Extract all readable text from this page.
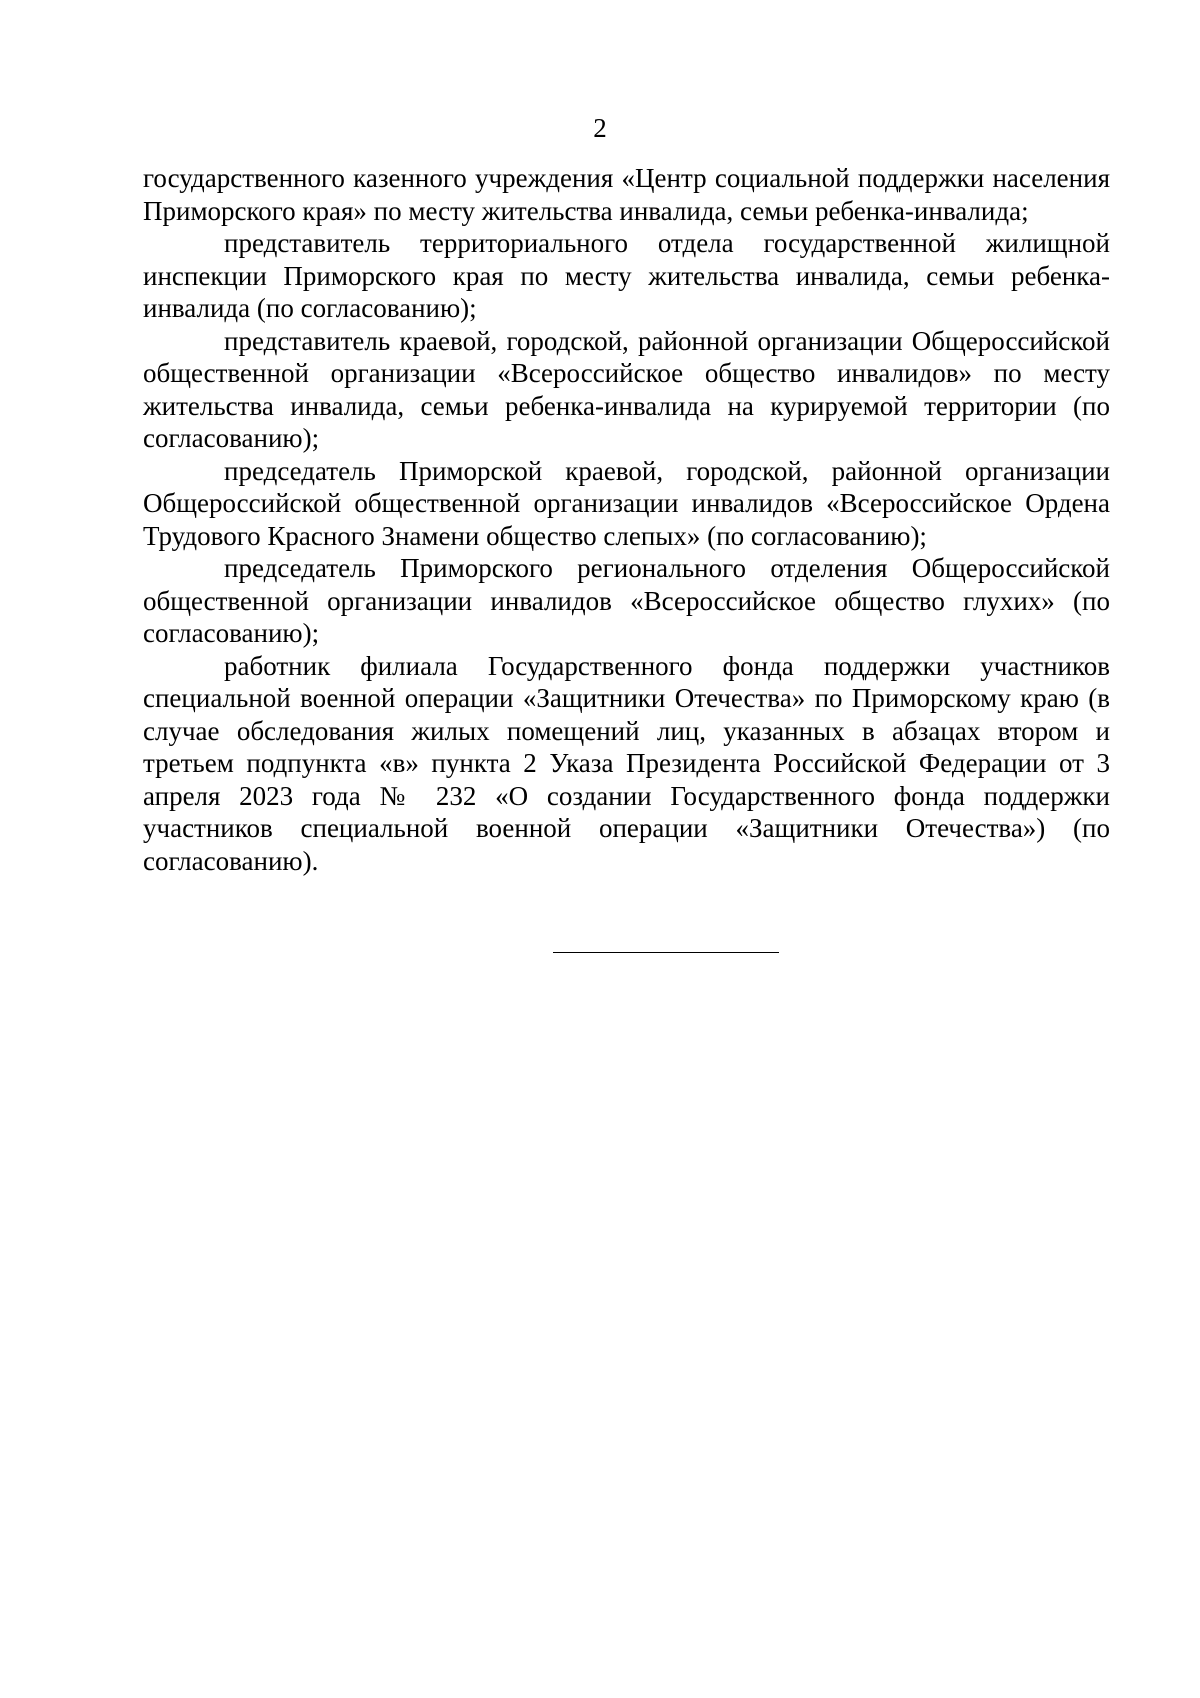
2

государственного казенного учреждения «Центр социальной поддержки населения Приморского края» по месту жительства инвалида, семьи ребенка-инвалида;

представитель территориального отдела государственной жилищной инспекции Приморского края по месту жительства инвалида, семьи ребенка-инвалида (по согласованию);

представитель краевой, городской, районной организации Общероссийской общественной организации «Всероссийское общество инвалидов» по месту жительства инвалида, семьи ребенка-инвалида на курируемой территории (по согласованию);

председатель Приморской краевой, городской, районной организации Общероссийской общественной организации инвалидов «Всероссийское Ордена Трудового Красного Знамени общество слепых» (по согласованию);

председатель Приморского регионального отделения Общероссийской общественной организации инвалидов «Всероссийское общество глухих» (по согласованию);

работник филиала Государственного фонда поддержки участников специальной военной операции «Защитники Отечества» по Приморскому краю (в случае обследования жилых помещений лиц, указанных в абзацах втором и третьем подпункта «в» пункта 2 Указа Президента Российской Федерации от 3 апреля 2023 года № 232 «О создании Государственного фонда поддержки участников специальной военной операции «Защитники Отечества») (по согласованию).
